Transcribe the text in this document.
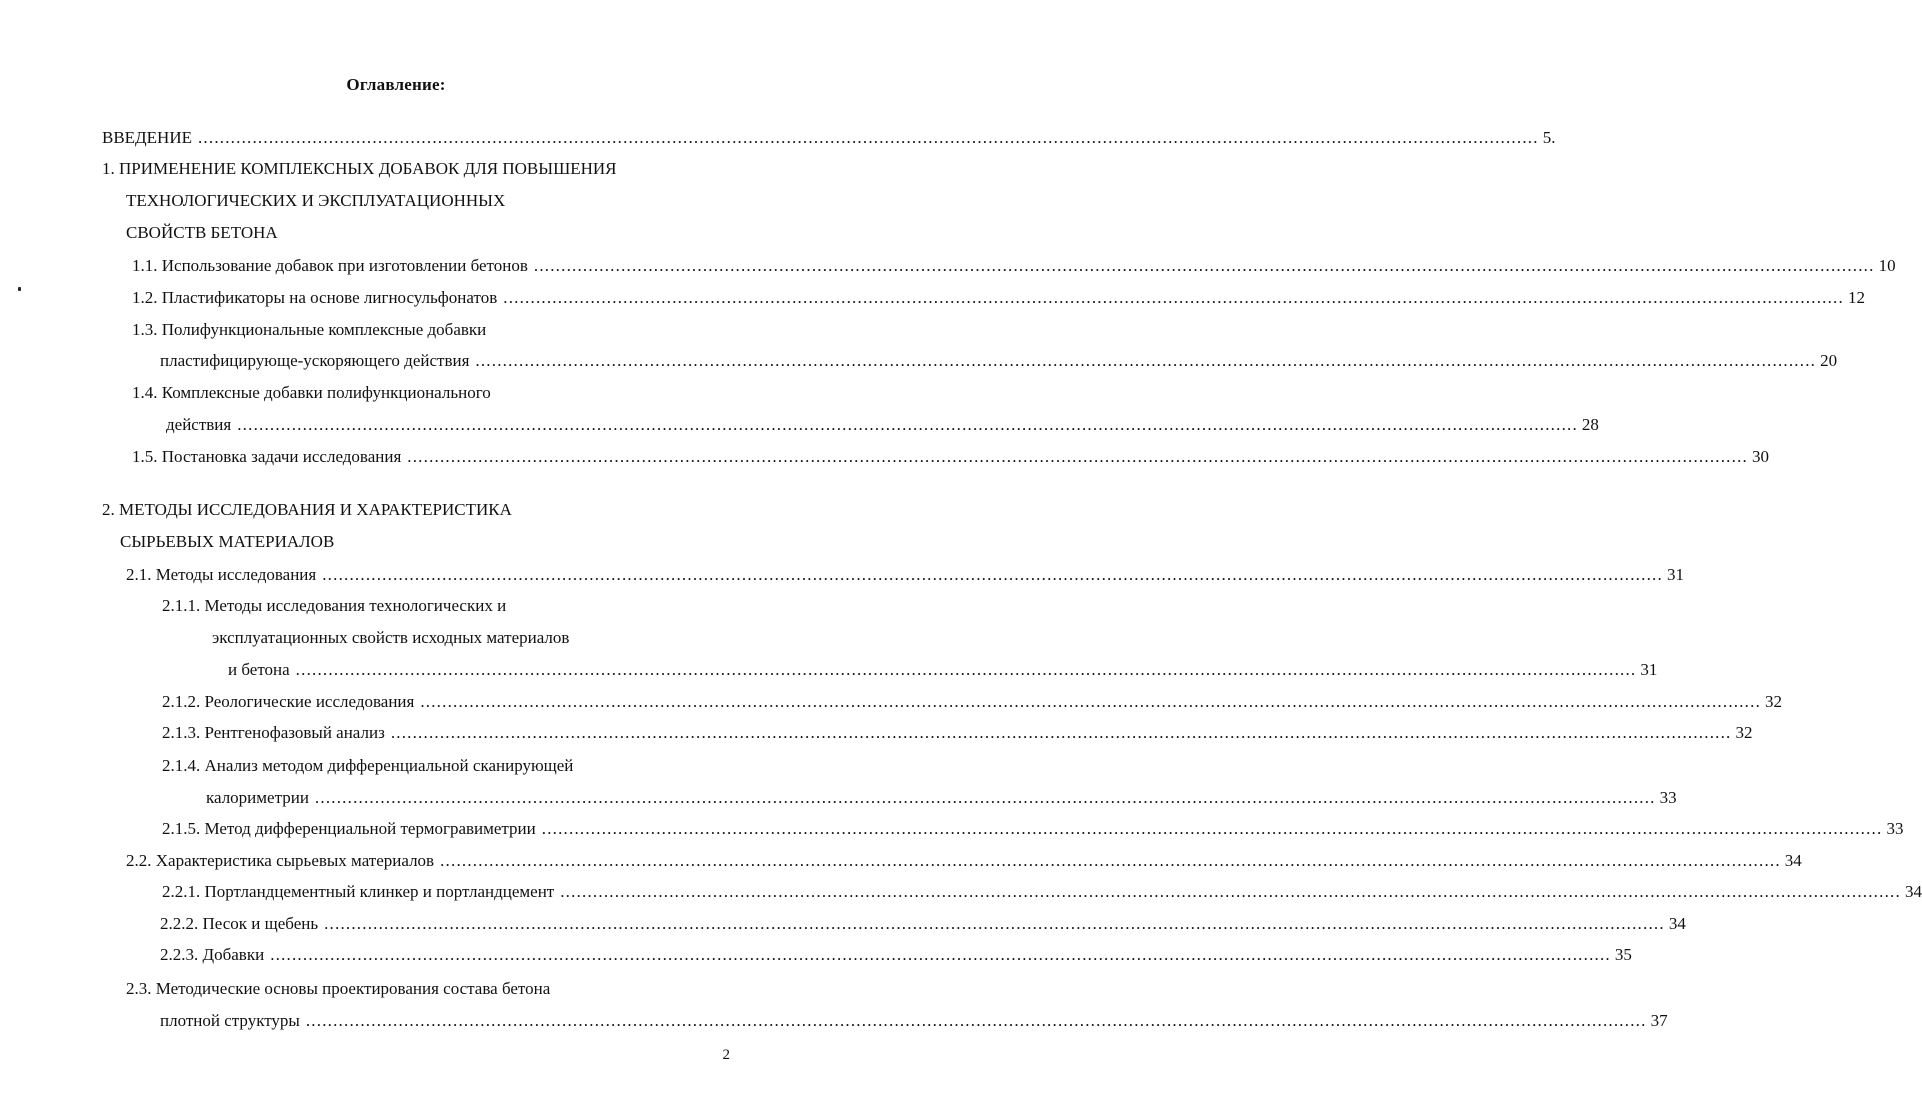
Оглавление:
ВВЕДЕНИЕ ...................................................................................................................................................................................................................................................... 5.
1. ПРИМЕНЕНИЕ КОМПЛЕКСНЫХ ДОБАВОК ДЛЯ ПОВЫШЕНИЯ
ТЕХНОЛОГИЧЕСКИХ И ЭКСПЛУАТАЦИОННЫХ
СВОЙСТВ БЕТОНА
1.1. Использование добавок при изготовлении бетонов ...................................................................................................................................................................................................................................................... 10
1.2. Пластификаторы на основе лигносульфонатов ...................................................................................................................................................................................................................................................... 12
1.3. Полифункциональные комплексные добавки
пластифицирующе-ускоряющего действия ...................................................................................................................................................................................................................................................... 20
1.4. Комплексные добавки полифункционального
действия ...................................................................................................................................................................................................................................................... 28
1.5. Постановка задачи исследования ...................................................................................................................................................................................................................................................... 30
2. МЕТОДЫ ИССЛЕДОВАНИЯ И ХАРАКТЕРИСТИКА
СЫРЬЕВЫХ МАТЕРИАЛОВ
2.1. Методы исследования ...................................................................................................................................................................................................................................................... 31
2.1.1. Методы исследования технологических и
эксплуатационных свойств исходных материалов
и бетона ...................................................................................................................................................................................................................................................... 31
2.1.2. Реологические исследования ...................................................................................................................................................................................................................................................... 32
2.1.3. Рентгенофазовый анализ ...................................................................................................................................................................................................................................................... 32
2.1.4. Анализ методом дифференциальной сканирующей
калориметрии ...................................................................................................................................................................................................................................................... 33
2.1.5. Метод дифференциальной термогравиметрии ...................................................................................................................................................................................................................................................... 33
2.2. Характеристика сырьевых материалов ...................................................................................................................................................................................................................................................... 34
2.2.1. Портландцементный клинкер и портландцемент ...................................................................................................................................................................................................................................................... 34
2.2.2. Песок и щебень ...................................................................................................................................................................................................................................................... 34
2.2.3. Добавки ...................................................................................................................................................................................................................................................... 35
2.3. Методические основы проектирования состава бетона
плотной структуры ...................................................................................................................................................................................................................................................... 37
2
